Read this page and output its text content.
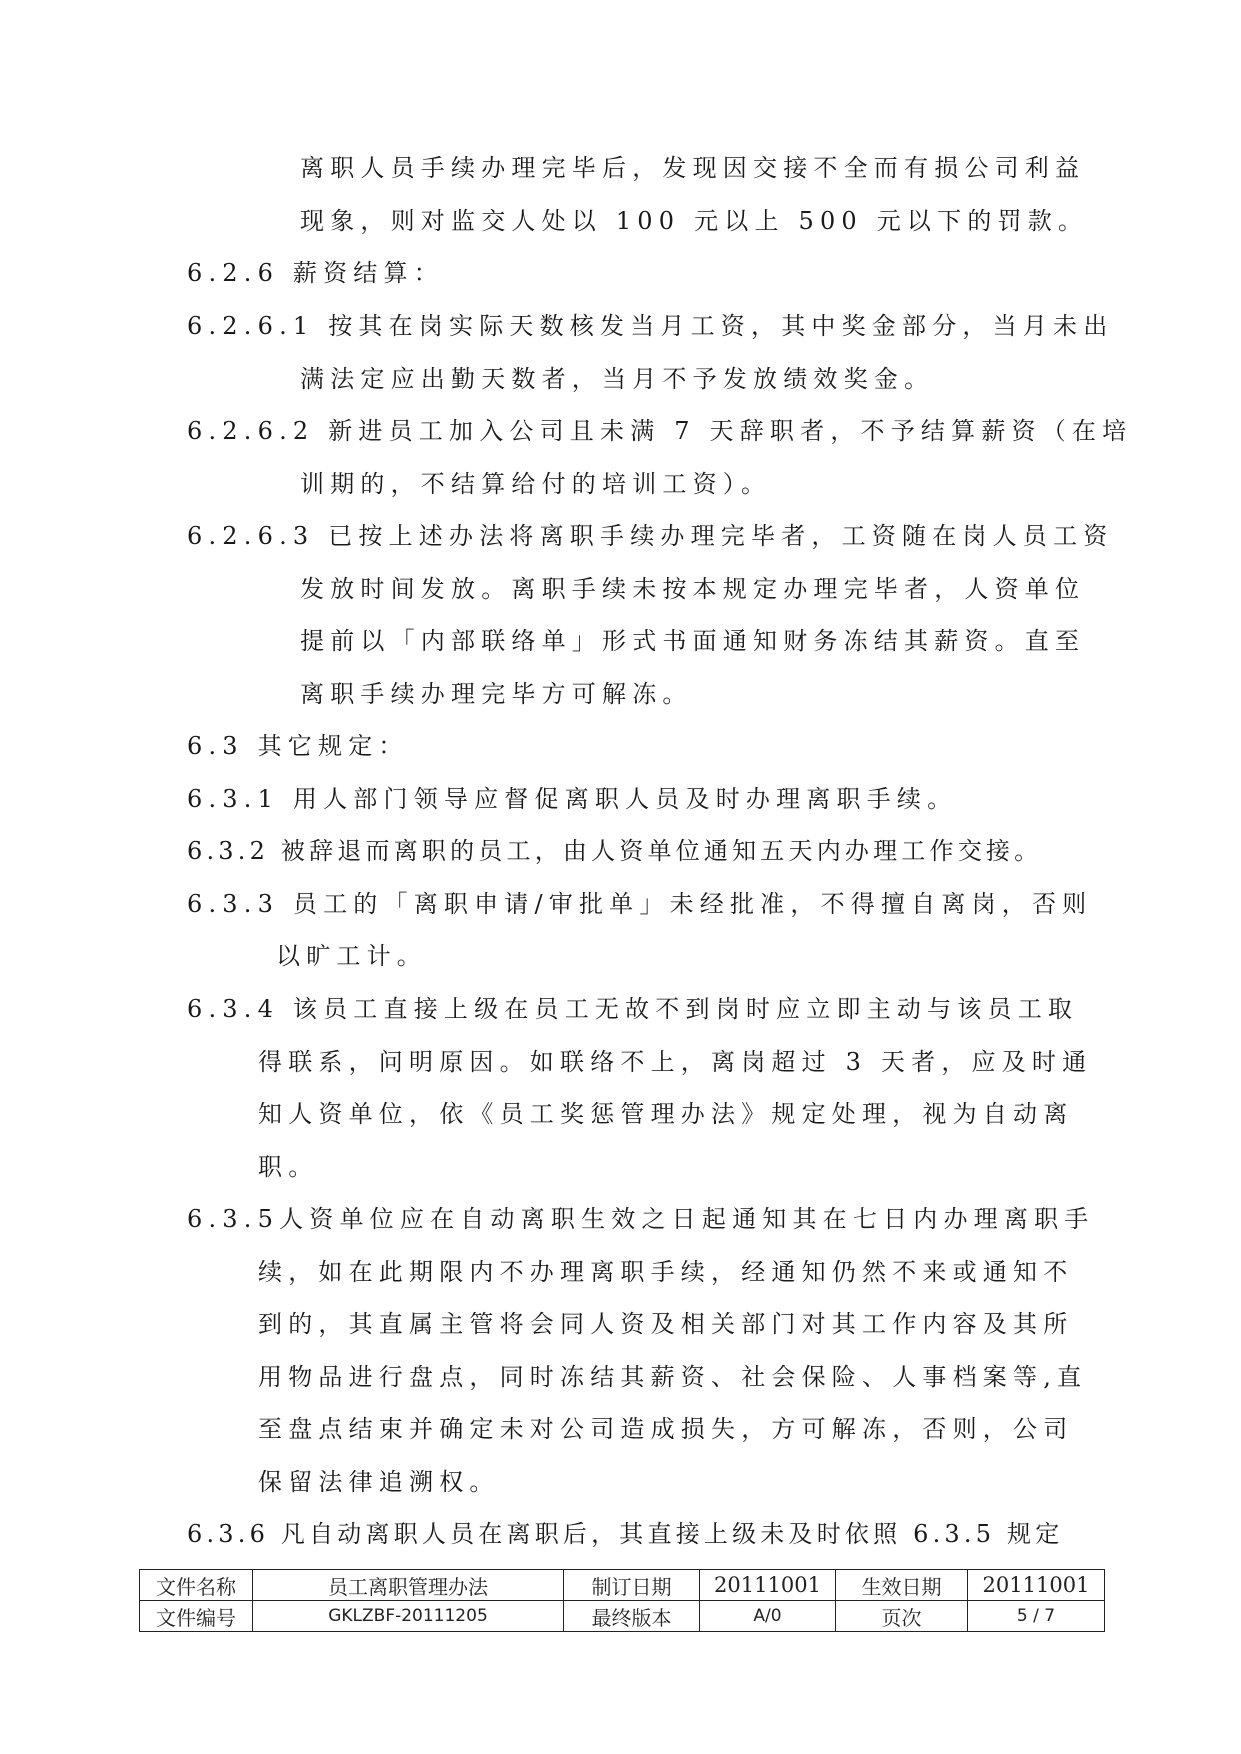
离职人员手续办理完毕后，发现因交接不全而有损公司利益
现象，则对监交人处以 100 元以上 500 元以下的罚款。
6.2.6 薪资结算：
6.2.6.1 按其在岗实际天数核发当月工资，其中奖金部分，当月未出
满法定应出勤天数者，当月不予发放绩效奖金。
6.2.6.2 新进员工加入公司且未满 7 天辞职者，不予结算薪资（在培
训期的，不结算给付的培训工资）。
6.2.6.3 已按上述办法将离职手续办理完毕者，工资随在岗人员工资
发放时间发放。离职手续未按本规定办理完毕者，人资单位
提前以「内部联络单」形式书面通知财务冻结其薪资。直至
离职手续办理完毕方可解冻。
6.3 其它规定：
6.3.1 用人部门领导应督促离职人员及时办理离职手续。
6.3.2 被辞退而离职的员工，由人资单位通知五天内办理工作交接。
6.3.3 员工的「离职申请/审批单」未经批准，不得擅自离岗，否则
以旷工计。
6.3.4 该员工直接上级在员工无故不到岗时应立即主动与该员工取
得联系，问明原因。如联络不上，离岗超过 3 天者，应及时通
知人资单位，依《员工奖惩管理办法》规定处理，视为自动离
职。
6.3.5人资单位应在自动离职生效之日起通知其在七日内办理离职手
续，如在此期限内不办理离职手续，经通知仍然不来或通知不
到的，其直属主管将会同人资及相关部门对其工作内容及其所
用物品进行盘点，同时冻结其薪资、社会保险、人事档案等,直
至盘点结束并确定未对公司造成损失，方可解冻，否则，公司
保留法律追溯权。
6.3.6 凡自动离职人员在离职后，其直接上级未及时依照 6.3.5 规定
文件名称	员工离职管理办法	制订日期	20111001	生效日期	20111001
文件编号	GKLZBF-20111205	最终版本	A/0	页次	5 / 7
